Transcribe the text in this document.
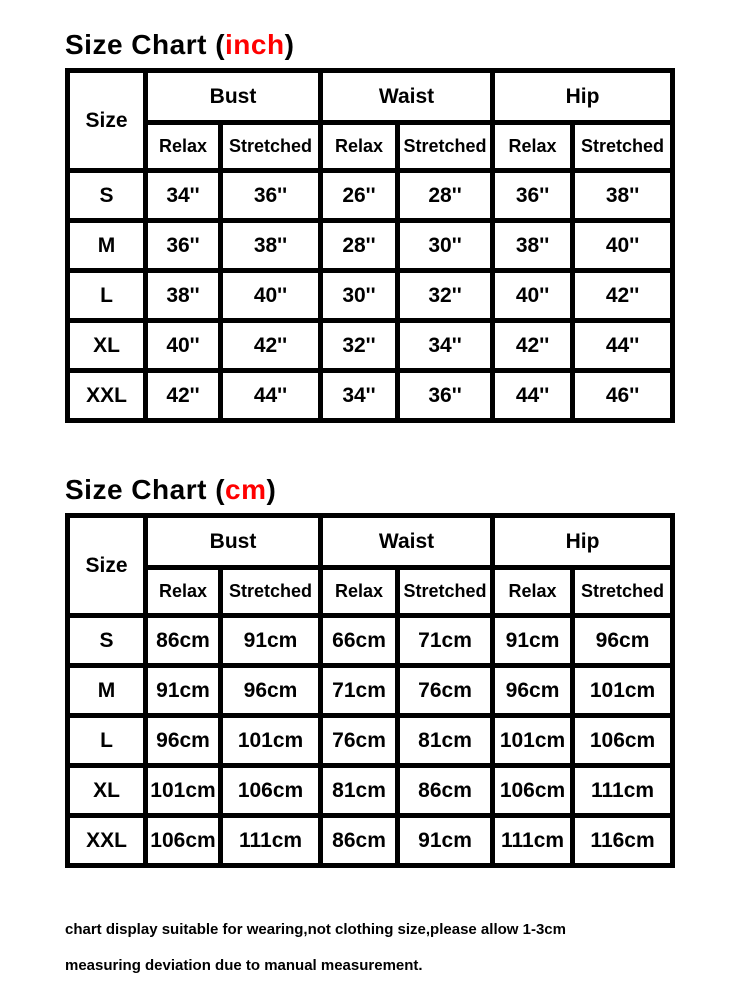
Size Chart (inch)
Size	Bust		Waist		Hip	
	Relax	Stretched	Relax	Stretched	Relax	Stretched
S	34''	36''	26''	28''	36''	38''
M	36''	38''	28''	30''	38''	40''
L	38''	40''	30''	32''	40''	42''
XL	40''	42''	32''	34''	42''	44''
XXL	42''	44''	34''	36''	44''	46''
Size Chart (cm)
Size	Bust		Waist		Hip	
	Relax	Stretched	Relax	Stretched	Relax	Stretched
S	86cm	91cm	66cm	71cm	91cm	96cm
M	91cm	96cm	71cm	76cm	96cm	101cm
L	96cm	101cm	76cm	81cm	101cm	106cm
XL	101cm	106cm	81cm	86cm	106cm	111cm
XXL	106cm	111cm	86cm	91cm	111cm	116cm
chart display suitable for wearing,not clothing size,please allow 1-3cm
measuring deviation due to manual measurement.
